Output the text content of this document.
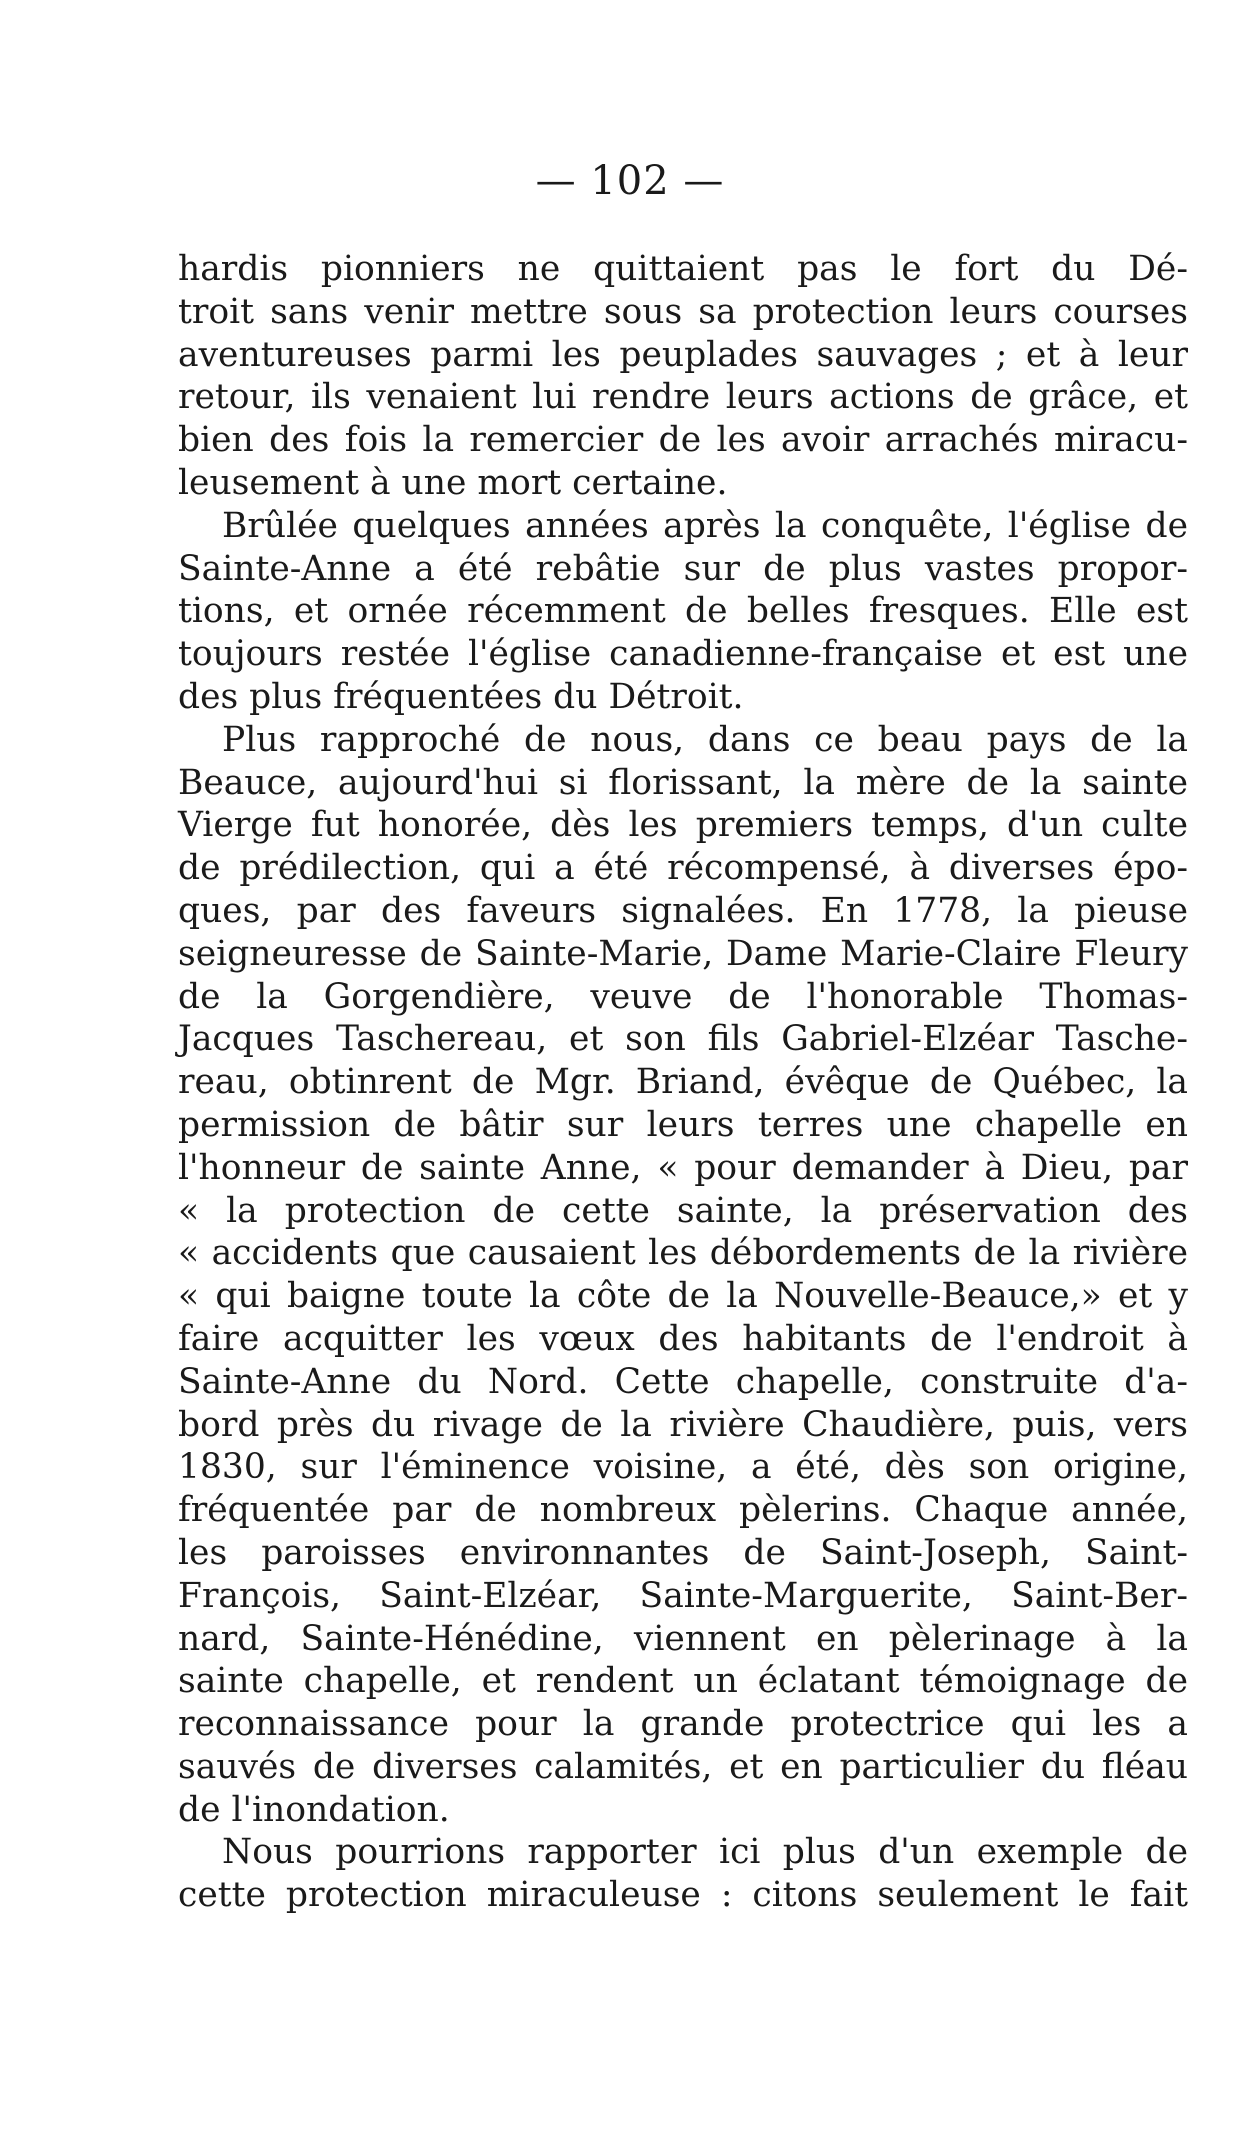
— 102 —

hardis pionniers ne quittaient pas le fort du Dé-
troit sans venir mettre sous sa protection leurs courses
aventureuses parmi les peuplades sauvages ; et à leur
retour, ils venaient lui rendre leurs actions de grâce, et
bien des fois la remercier de les avoir arrachés miracu-
leusement à une mort certaine.

Brûlée quelques années après la conquête, l'église de
Sainte-Anne a été rebâtie sur de plus vastes propor-
tions, et ornée récemment de belles fresques. Elle est
toujours restée l'église canadienne-française et est une
des plus fréquentées du Détroit.

Plus rapproché de nous, dans ce beau pays de la
Beauce, aujourd'hui si florissant, la mère de la sainte
Vierge fut honorée, dès les premiers temps, d'un culte
de prédilection, qui a été récompensé, à diverses épo-
ques, par des faveurs signalées. En 1778, la pieuse
seigneuresse de Sainte-Marie, Dame Marie-Claire Fleury
de la Gorgendière, veuve de l'honorable Thomas-
Jacques Taschereau, et son fils Gabriel-Elzéar Tasche-
reau, obtinrent de Mgr. Briand, évêque de Québec, la
permission de bâtir sur leurs terres une chapelle en
l'honneur de sainte Anne, « pour demander à Dieu, par
« la protection de cette sainte, la préservation des
« accidents que causaient les débordements de la rivière
« qui baigne toute la côte de la Nouvelle-Beauce,» et y
faire acquitter les vœux des habitants de l'endroit à
Sainte-Anne du Nord. Cette chapelle, construite d'a-
bord près du rivage de la rivière Chaudière, puis, vers
1830, sur l'éminence voisine, a été, dès son origine,
fréquentée par de nombreux pèlerins. Chaque année,
les paroisses environnantes de Saint-Joseph, Saint-
François, Saint-Elzéar, Sainte-Marguerite, Saint-Ber-
nard, Sainte-Hénédine, viennent en pèlerinage à la
sainte chapelle, et rendent un éclatant témoignage de
reconnaissance pour la grande protectrice qui les a
sauvés de diverses calamités, et en particulier du fléau
de l'inondation.

Nous pourrions rapporter ici plus d'un exemple de
cette protection miraculeuse : citons seulement le fait
